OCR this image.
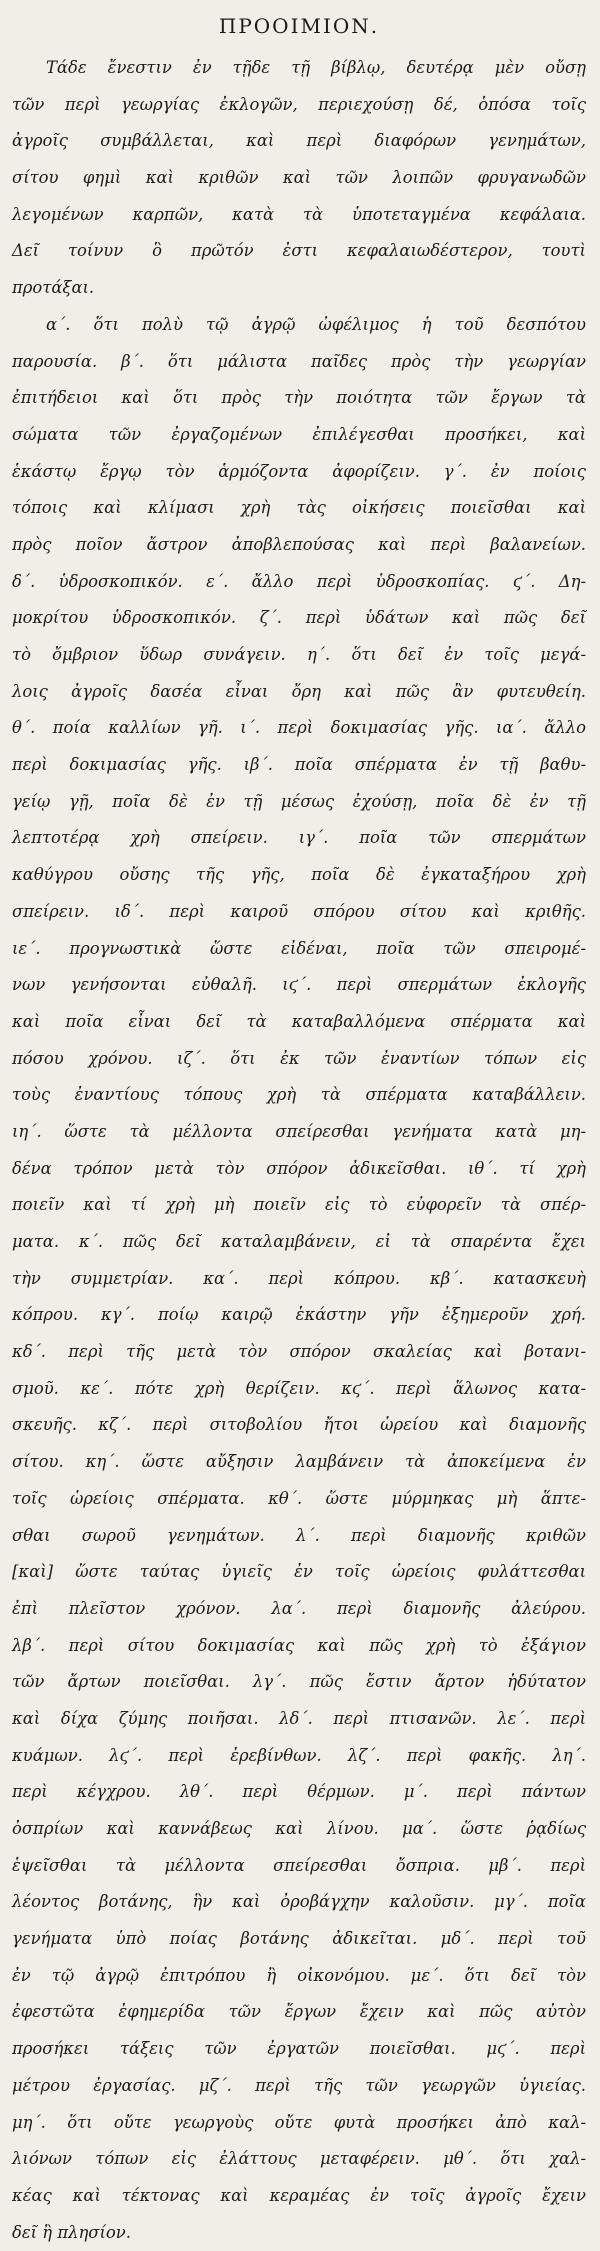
ΠΡΟΟΙΜΙΟΝ.
Τάδε ἔνεστιν ἐν τῇδε τῇ βίβλῳ, δευτέρᾳ μὲν οὔσῃ
τῶν περὶ γεωργίας ἐκλογῶν, περιεχούσῃ δέ, ὁπόσα τοῖς
ἀγροῖς συμβάλλεται, καὶ περὶ διαφόρων γενημάτων,
σίτου φημὶ καὶ κριθῶν καὶ τῶν λοιπῶν φρυγανωδῶν
λεγομένων καρπῶν, κατὰ τὰ ὑποτεταγμένα κεφάλαια.
Δεῖ τοίνυν ὃ πρῶτόν ἐστι κεφαλαιωδέστερον, τουτὶ
προτάξαι.
α΄. ὅτι πολὺ τῷ ἀγρῷ ὠφέλιμος ἡ τοῦ δεσπότου
παρουσία. β΄. ὅτι μάλιστα παῖδες πρὸς τὴν γεωργίαν
ἐπιτήδειοι καὶ ὅτι πρὸς τὴν ποιότητα τῶν ἔργων τὰ
σώματα τῶν ἐργαζομένων ἐπιλέγεσθαι προσήκει, καὶ
ἑκάστῳ ἔργῳ τὸν ἁρμόζοντα ἀφορίζειν. γ΄. ἐν ποίοις
τόποις καὶ κλίμασι χρὴ τὰς οἰκήσεις ποιεῖσθαι καὶ
πρὸς ποῖον ἄστρον ἀποβλεπούσας καὶ περὶ βαλανείων.
δ΄. ὑδροσκοπικόν. ε΄. ἄλλο περὶ ὑδροσκοπίας. ϛ΄. Δη-
μοκρίτου ὑδροσκοπικόν. ζ΄. περὶ ὑδάτων καὶ πῶς δεῖ
τὸ ὄμβριον ὕδωρ συνάγειν. η΄. ὅτι δεῖ ἐν τοῖς μεγά-
λοις ἀγροῖς δασέα εἶναι ὄρη καὶ πῶς ἂν φυτευθείη.
θ΄. ποία καλλίων γῆ. ι΄. περὶ δοκιμασίας γῆς. ια΄. ἄλλο
περὶ δοκιμασίας γῆς. ιβ΄. ποῖα σπέρματα ἐν τῇ βαθυ-
γείῳ γῇ, ποῖα δὲ ἐν τῇ μέσως ἐχούσῃ, ποῖα δὲ ἐν τῇ
λεπτοτέρᾳ χρὴ σπείρειν. ιγ΄. ποῖα τῶν σπερμάτων
καθύγρου οὔσης τῆς γῆς, ποῖα δὲ ἐγκαταξήρου χρὴ
σπείρειν. ιδ΄. περὶ καιροῦ σπόρου σίτου καὶ κριθῆς.
ιε΄. προγνωστικὰ ὥστε εἰδέναι, ποῖα τῶν σπειρομέ-
νων γενήσονται εὐθαλῆ. ιϛ΄. περὶ σπερμάτων ἐκλογῆς
καὶ ποῖα εἶναι δεῖ τὰ καταβαλλόμενα σπέρματα καὶ
πόσου χρόνου. ιζ΄. ὅτι ἐκ τῶν ἐναντίων τόπων εἰς
τοὺς ἐναντίους τόπους χρὴ τὰ σπέρματα καταβάλλειν.
ιη΄. ὥστε τὰ μέλλοντα σπείρεσθαι γενήματα κατὰ μη-
δένα τρόπον μετὰ τὸν σπόρον ἀδικεῖσθαι. ιθ΄. τί χρὴ
ποιεῖν καὶ τί χρὴ μὴ ποιεῖν εἰς τὸ εὐφορεῖν τὰ σπέρ-
ματα. κ΄. πῶς δεῖ καταλαμβάνειν, εἰ τὰ σπαρέντα ἔχει
τὴν συμμετρίαν. κα΄. περὶ κόπρου. κβ΄. κατασκευὴ
κόπρου. κγ΄. ποίῳ καιρῷ ἑκάστην γῆν ἐξημεροῦν χρή.
κδ΄. περὶ τῆς μετὰ τὸν σπόρον σκαλείας καὶ βοτανι-
σμοῦ. κε΄. πότε χρὴ θερίζειν. κϛ΄. περὶ ἅλωνος κατα-
σκευῆς. κζ΄. περὶ σιτοβολίου ἤτοι ὡρείου καὶ διαμονῆς
σίτου. κη΄. ὥστε αὔξησιν λαμβάνειν τὰ ἀποκείμενα ἐν
τοῖς ὡρείοις σπέρματα. κθ΄. ὥστε μύρμηκας μὴ ἅπτε-
σθαι σωροῦ γενημάτων. λ΄. περὶ διαμονῆς κριθῶν
[καὶ] ὥστε ταύτας ὑγιεῖς ἐν τοῖς ὡρείοις φυλάττεσθαι
ἐπὶ πλεῖστον χρόνον. λα΄. περὶ διαμονῆς ἀλεύρου.
λβ΄. περὶ σίτου δοκιμασίας καὶ πῶς χρὴ τὸ ἐξάγιον
τῶν ἄρτων ποιεῖσθαι. λγ΄. πῶς ἔστιν ἄρτον ἡδύτατον
καὶ δίχα ζύμης ποιῆσαι. λδ΄. περὶ πτισανῶν. λε΄. περὶ
κυάμων. λϛ΄. περὶ ἐρεβίνθων. λζ΄. περὶ φακῆς. λη΄.
περὶ κέγχρου. λθ΄. περὶ θέρμων. μ΄. περὶ πάντων
ὀσπρίων καὶ καννάβεως καὶ λίνου. μα΄. ὥστε ῥᾳδίως
ἑψεῖσθαι τὰ μέλλοντα σπείρεσθαι ὄσπρια. μβ΄. περὶ
λέοντος βοτάνης, ἣν καὶ ὀροβάγχην καλοῦσιν. μγ΄. ποῖα
γενήματα ὑπὸ ποίας βοτάνης ἀδικεῖται. μδ΄. περὶ τοῦ
ἐν τῷ ἀγρῷ ἐπιτρόπου ἢ οἰκονόμου. με΄. ὅτι δεῖ τὸν
ἐφεστῶτα ἐφημερίδα τῶν ἔργων ἔχειν καὶ πῶς αὐτὸν
προσήκει τάξεις τῶν ἐργατῶν ποιεῖσθαι. μϛ΄. περὶ
μέτρου ἐργασίας. μζ΄. περὶ τῆς τῶν γεωργῶν ὑγιείας.
μη΄. ὅτι οὔτε γεωργοὺς οὔτε φυτὰ προσήκει ἀπὸ καλ-
λιόνων τόπων εἰς ἐλάττους μεταφέρειν. μθ΄. ὅτι χαλ-
κέας καὶ τέκτονας καὶ κεραμέας ἐν τοῖς ἀγροῖς ἔχειν
δεῖ ἢ πλησίον.
